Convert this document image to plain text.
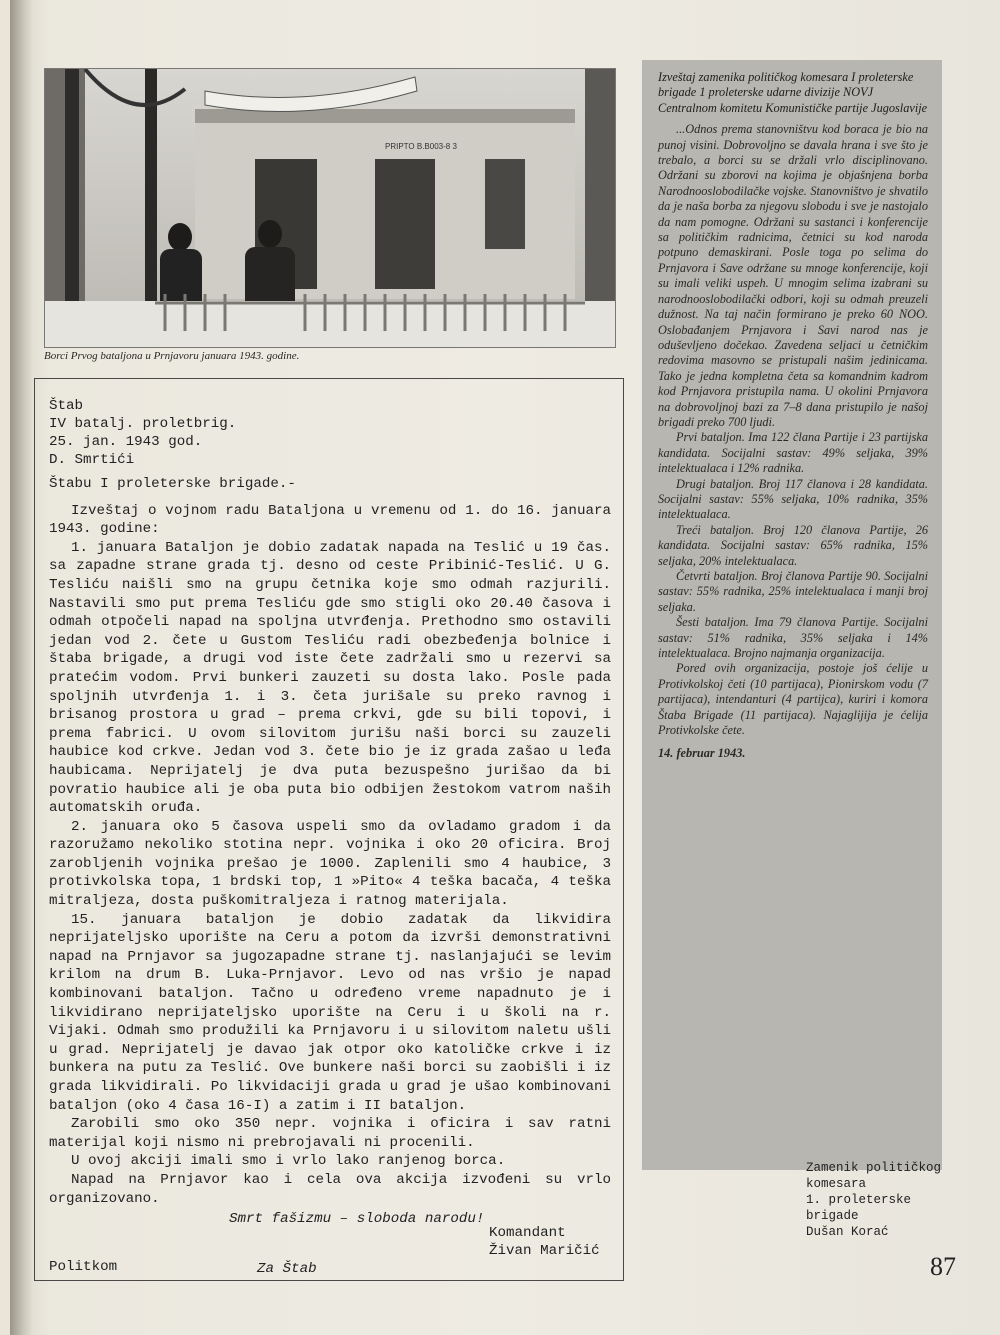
PRIPTO B.B003-8 3
Borci Prvog bataljona u Prnjavoru januara 1943. godine.
Štab
IV batalj. proletbrig.
25. jan. 1943 god.
D. Smrtići
Štabu I proleterske brigade.-

Izveštaj o vojnom radu Bataljona u vremenu od 1. do 16. januara 1943. godine:

1. januara Bataljon je dobio zadatak napada na Teslić u 19 čas. sa zapadne strane grada tj. desno od ceste Pribinić-Teslić. U G. Tesliću naišli smo na grupu četnika koje smo odmah razjurili. Nastavili smo put prema Tesliću gde smo stigli oko 20.40 časova i odmah otpočeli napad na spoljna utvrđenja. Prethodno smo ostavili jedan vod 2. čete u Gustom Tesliću radi obezbeđenja bolnice i štaba brigade, a drugi vod iste čete zadržali smo u rezervi sa pratećim vodom. Prvi bunkeri zauzeti su dosta lako. Posle pada spoljnih utvrđenja 1. i 3. četa jurišale su preko ravnog i brisanog prostora u grad – prema crkvi, gde su bili topovi, i prema fabrici. U ovom silovitom jurišu naši borci su zauzeli haubice kod crkve. Jedan vod 3. čete bio je iz grada zašao u leđa haubicama. Neprijatelj je dva puta bezuspešno jurišao da bi povratio haubice ali je oba puta bio odbijen žestokom vatrom naših automatskih oruđa.

2. januara oko 5 časova uspeli smo da ovladamo gradom i da razoružamo nekoliko stotina nepr. vojnika i oko 20 oficira. Broj zarobljenih vojnika prešao je 1000. Zaplenili smo 4 haubice, 3 protivkolska topa, 1 brdski top, 1 »Pito« 4 teška bacača, 4 teška mitraljeza, dosta puškomitraljeza i ratnog materijala.

15. januara bataljon je dobio zadatak da likvidira neprijateljsko uporište na Ceru a potom da izvrši demonstrativni napad na Prnjavor sa jugozapadne strane tj. naslanjajući se levim krilom na drum B. Luka-Prnjavor. Levo od nas vršio je napad kombinovani bataljon. Tačno u određeno vreme napadnuto je i likvidirano neprijateljsko uporište na Ceru i u školi na r. Vijaki. Odmah smo produžili ka Prnjavoru i u silovitom naletu ušli u grad. Neprijatelj je davao jak otpor oko katoličke crkve i iz bunkera na putu za Teslić. Ove bunkere naši borci su zaobišli i iz grada likvidirali. Po likvidaciji grada u grad je ušao kombinovani bataljon (oko 4 časa 16-I) a zatim i II bataljon.

Zarobili smo oko 350 nepr. vojnika i oficira i sav ratni materijal koji nismo ni prebrojavali ni procenili.

U ovoj akciji imali smo i vrlo lako ranjenog borca.

Napad na Prnjavor kao i cela ova akcija izvođeni su vrlo organizovano.

Smrt fašizmu – sloboda narodu!
Komandant
Živan Maričić
Politkom	Za Štab
Izveštaj zamenika političkog komesara I proleterske brigade 1 proleterske udarne divizije NOVJ Centralnom komitetu Komunističke partije Jugoslavije

...Odnos prema stanovništvu kod boraca je bio na punoj visini. Dobrovoljno se davala hrana i sve što je trebalo, a borci su se držali vrlo disciplinovano. Održani su zborovi na kojima je objašnjena borba Narodnooslobodilačke vojske. Stanovništvo je shvatilo da je naša borba za njegovu slobodu i sve je nastojalo da nam pomogne. Održani su sastanci i konferencije sa političkim radnicima, četnici su kod naroda potpuno demaskirani. Posle toga po selima do Prnjavora i Save održane su mnoge konferencije, koji su imali veliki uspeh. U mnogim selima izabrani su narodnooslobodilački odbori, koji su odmah preuzeli dužnost. Na taj način formirano je preko 60 NOO. Oslobađanjem Prnjavora i Savi narod nas je oduševljeno dočekao. Zavedena seljaci u četničkim redovima masovno se pristupali našim jedinicama. Tako je jedna kompletna četa sa komandnim kadrom kod Prnjavora pristupila nama. U okolini Prnjavora na dobrovoljnoj bazi za 7–8 dana pristupilo je našoj brigadi preko 700 ljudi.

Prvi bataljon. Ima 122 člana Partije i 23 partijska kandidata. Socijalni sastav: 49% seljaka, 39% intelektualaca i 12% radnika.

Drugi bataljon. Broj 117 članova i 28 kandidata. Socijalni sastav: 55% seljaka, 10% radnika, 35% intelektualaca.

Treći bataljon. Broj 120 članova Partije, 26 kandidata. Socijalni sastav: 65% radnika, 15% seljaka, 20% intelektualaca.

Četvrti bataljon. Broj članova Partije 90. Socijalni sastav: 55% radnika, 25% intelektualaca i manji broj seljaka.

Šesti bataljon. Ima 79 članova Partije. Socijalni sastav: 51% radnika, 35% seljaka i 14% intelektualaca. Brojno najmanja organizacija.

Pored ovih organizacija, postoje još ćelije u Protivkolskoj četi (10 partijaca), Pionirskom vodu (7 partijaca), intendanturi (4 partijca), kuriri i komora Štaba Brigade (11 partijaca). Najaglijija je ćelija Protivkolske čete.

14. februar 1943.

Zamenik političkog komesara
1. proleterske brigade
Dušan Korać
87
